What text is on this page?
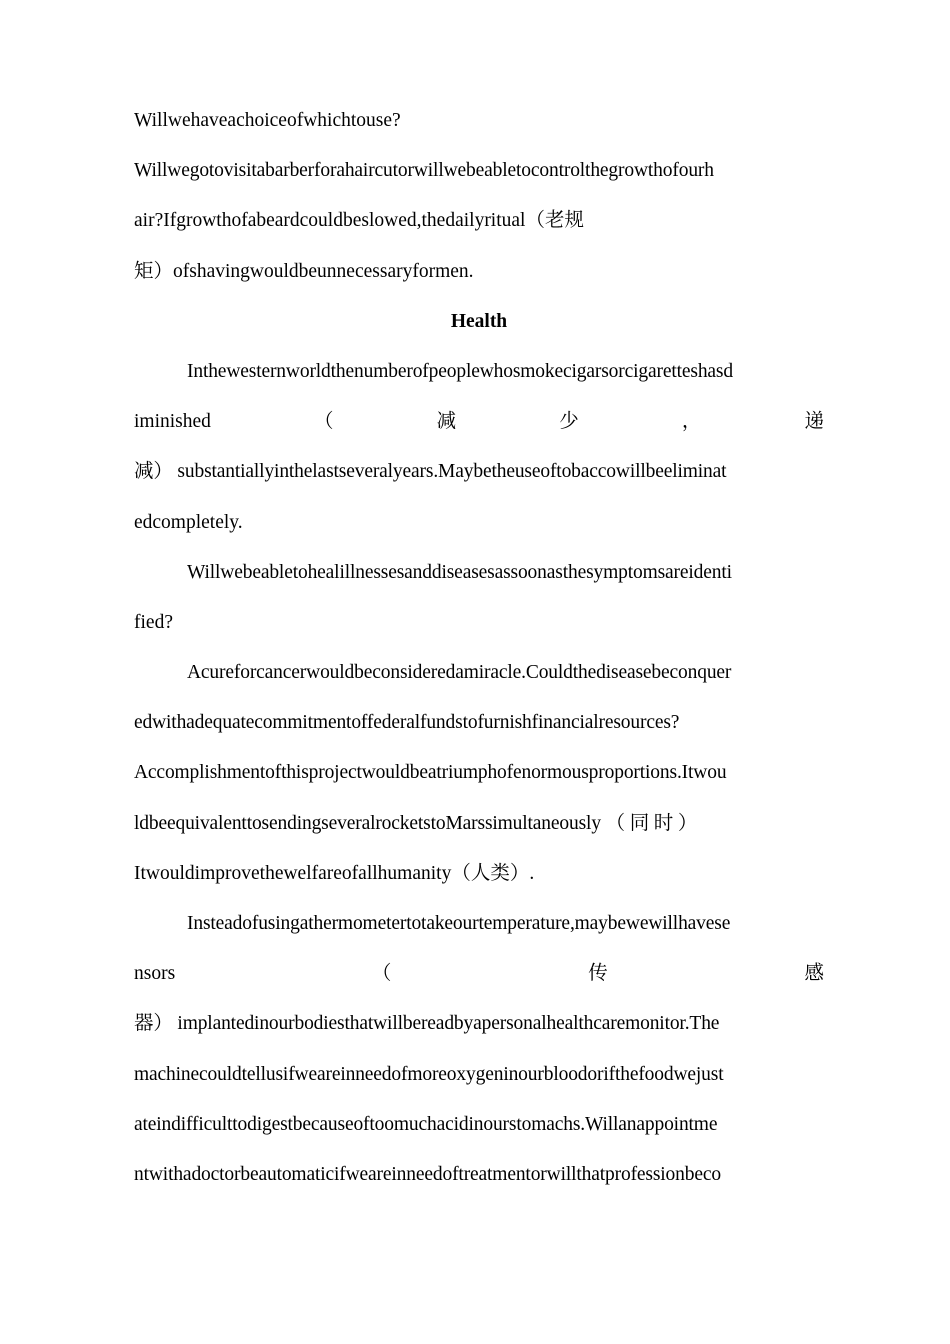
Willwehaveachoiceofwhichtouse?
Willwegotovisitabarberforahaircutorwillwebeabletocontrolthegrowthofourh
air?Ifgrowthofabeardcouldbeslowed,thedailyritual（老规
矩）ofshavingwouldbeunnecessaryformen.
Health
Inthewesternworldthenumberofpeoplewhosmokecigarsorcigaretteshasd
iminished	（	减	少	，	递
减） substantiallyinthelastseveralyears.Maybetheuseoftobaccowillbeeliminat
edcompletely.
Willwebeabletohealillnessesanddiseasesassoonasthesymptomsareidenti
fied?
Acureforcancerwouldbeconsideredamiracle.Couldthediseasebeconquer
edwithadequatecommitmentoffederalfundstofurnishfinancialresources?
Accomplishmentofthisprojectwouldbeatriumphofenormousproportions.Itwou
ldbeequivalenttosendingseveralrocketstoMarssimultaneously （ 同 时 ）
Itwouldimprovethewelfareofallhumanity（人类）.
Insteadofusingathermometertotakeourtemperature,maybewewillhavese
nsors	（	传	感
器） implantedinourbodiesthatwillbereadbyapersonalhealthcaremonitor.The
machinecouldtellusifweareinneedofmoreoxygeninourbloodorifthefoodwejust
ateindifficulttodigestbecauseoftoomuchacidinourstomachs.Willanappointme
ntwithadoctorbeautomaticifweareinneedoftreatmentorwillthatprofessionbeco
